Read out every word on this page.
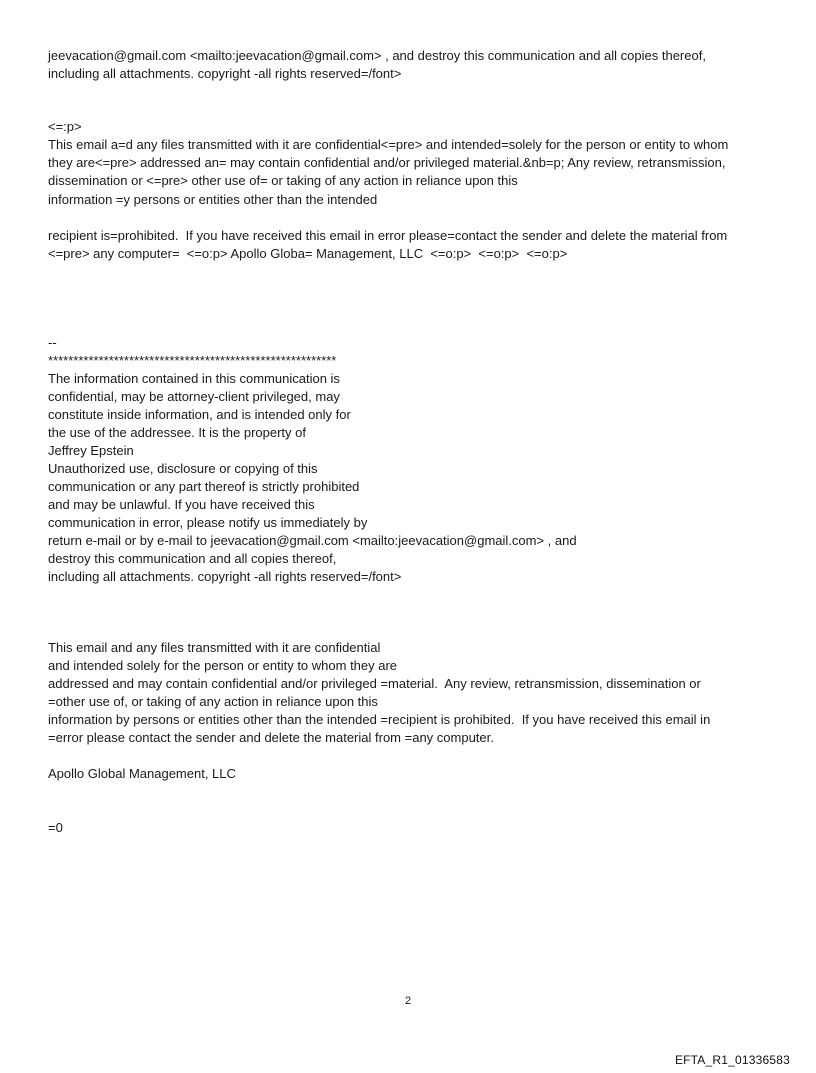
jeevacation@gmail.com <mailto:jeevacation@gmail.com> , and destroy this communication and all copies thereof,
including all attachments. copyright -all rights reserved=/font>
<=:p>
This email a=d any files transmitted with it are confidential<=pre> and intended=solely for the person or entity to whom
they are<=pre> addressed an= may contain confidential and/or privileged material.&nb=p; Any review, retransmission,
dissemination or <=pre> other use of= or taking of any action in reliance upon this
information =y persons or entities other than the intended
recipient is=prohibited.  If you have received this email in error please=contact the sender and delete the material from
<=pre> any computer=  <=o:p> Apollo Globa= Management, LLC  <=o:p>  <=o:p>  <=o:p>
--
*********************************************************
The information contained in this communication is
confidential, may be attorney-client privileged, may
constitute inside information, and is intended only for
the use of the addressee. It is the property of
Jeffrey Epstein
Unauthorized use, disclosure or copying of this
communication or any part thereof is strictly prohibited
and may be unlawful. If you have received this
communication in error, please notify us immediately by
return e-mail or by e-mail to jeevacation@gmail.com <mailto:jeevacation@gmail.com> , and
destroy this communication and all copies thereof,
including all attachments. copyright -all rights reserved=/font>
This email and any files transmitted with it are confidential
and intended solely for the person or entity to whom they are
addressed and may contain confidential and/or privileged =material.  Any review, retransmission, dissemination or
=other use of, or taking of any action in reliance upon this
information by persons or entities other than the intended =recipient is prohibited.  If you have received this email in
=error please contact the sender and delete the material from =any computer.
Apollo Global Management, LLC
=0
2
EFTA_R1_01336583
